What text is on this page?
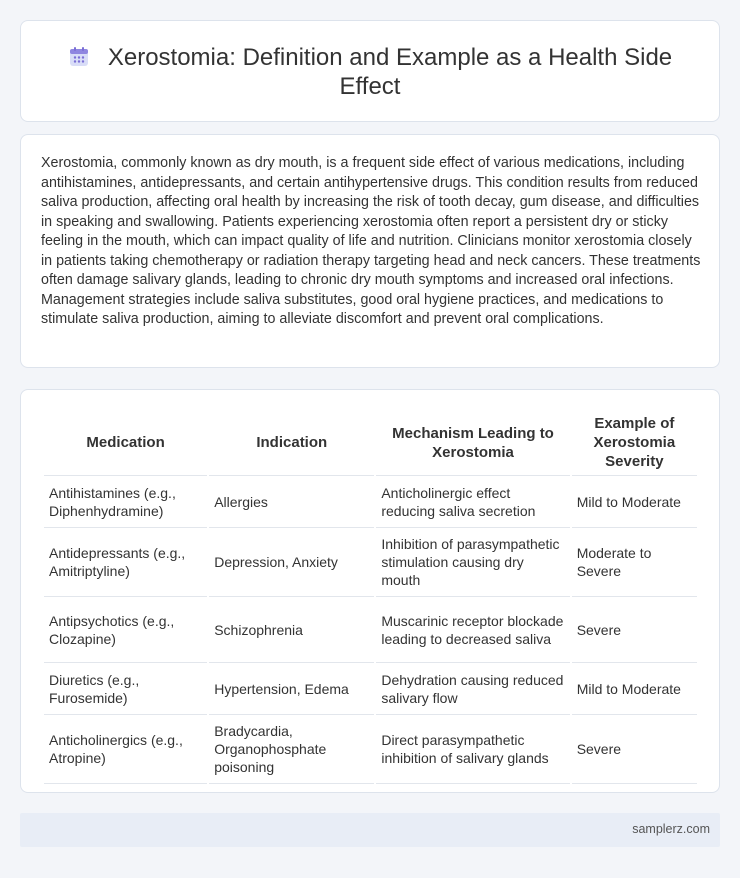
Xerostomia: Definition and Example as a Health Side Effect

Xerostomia, commonly known as dry mouth, is a frequent side effect of various medications, including antihistamines, antidepressants, and certain antihypertensive drugs. This condition results from reduced saliva production, affecting oral health by increasing the risk of tooth decay, gum disease, and difficulties in speaking and swallowing. Patients experiencing xerostomia often report a persistent dry or sticky feeling in the mouth, which can impact quality of life and nutrition. Clinicians monitor xerostomia closely in patients taking chemotherapy or radiation therapy targeting head and neck cancers. These treatments often damage salivary glands, leading to chronic dry mouth symptoms and increased oral infections. Management strategies include saliva substitutes, good oral hygiene practices, and medications to stimulate saliva production, aiming to alleviate discomfort and prevent oral complications.

Medication	Indication	Mechanism Leading to Xerostomia	Example of Xerostomia Severity
Antihistamines (e.g., Diphenhydramine)	Allergies	Anticholinergic effect reducing saliva secretion	Mild to Moderate
Antidepressants (e.g., Amitriptyline)	Depression, Anxiety	Inhibition of parasympathetic stimulation causing dry mouth	Moderate to Severe
Antipsychotics (e.g., Clozapine)	Schizophrenia	Muscarinic receptor blockade leading to decreased saliva	Severe
Diuretics (e.g., Furosemide)	Hypertension, Edema	Dehydration causing reduced salivary flow	Mild to Moderate
Anticholinergics (e.g., Atropine)	Bradycardia, Organophosphate poisoning	Direct parasympathetic inhibition of salivary glands	Severe
samplerz.com
